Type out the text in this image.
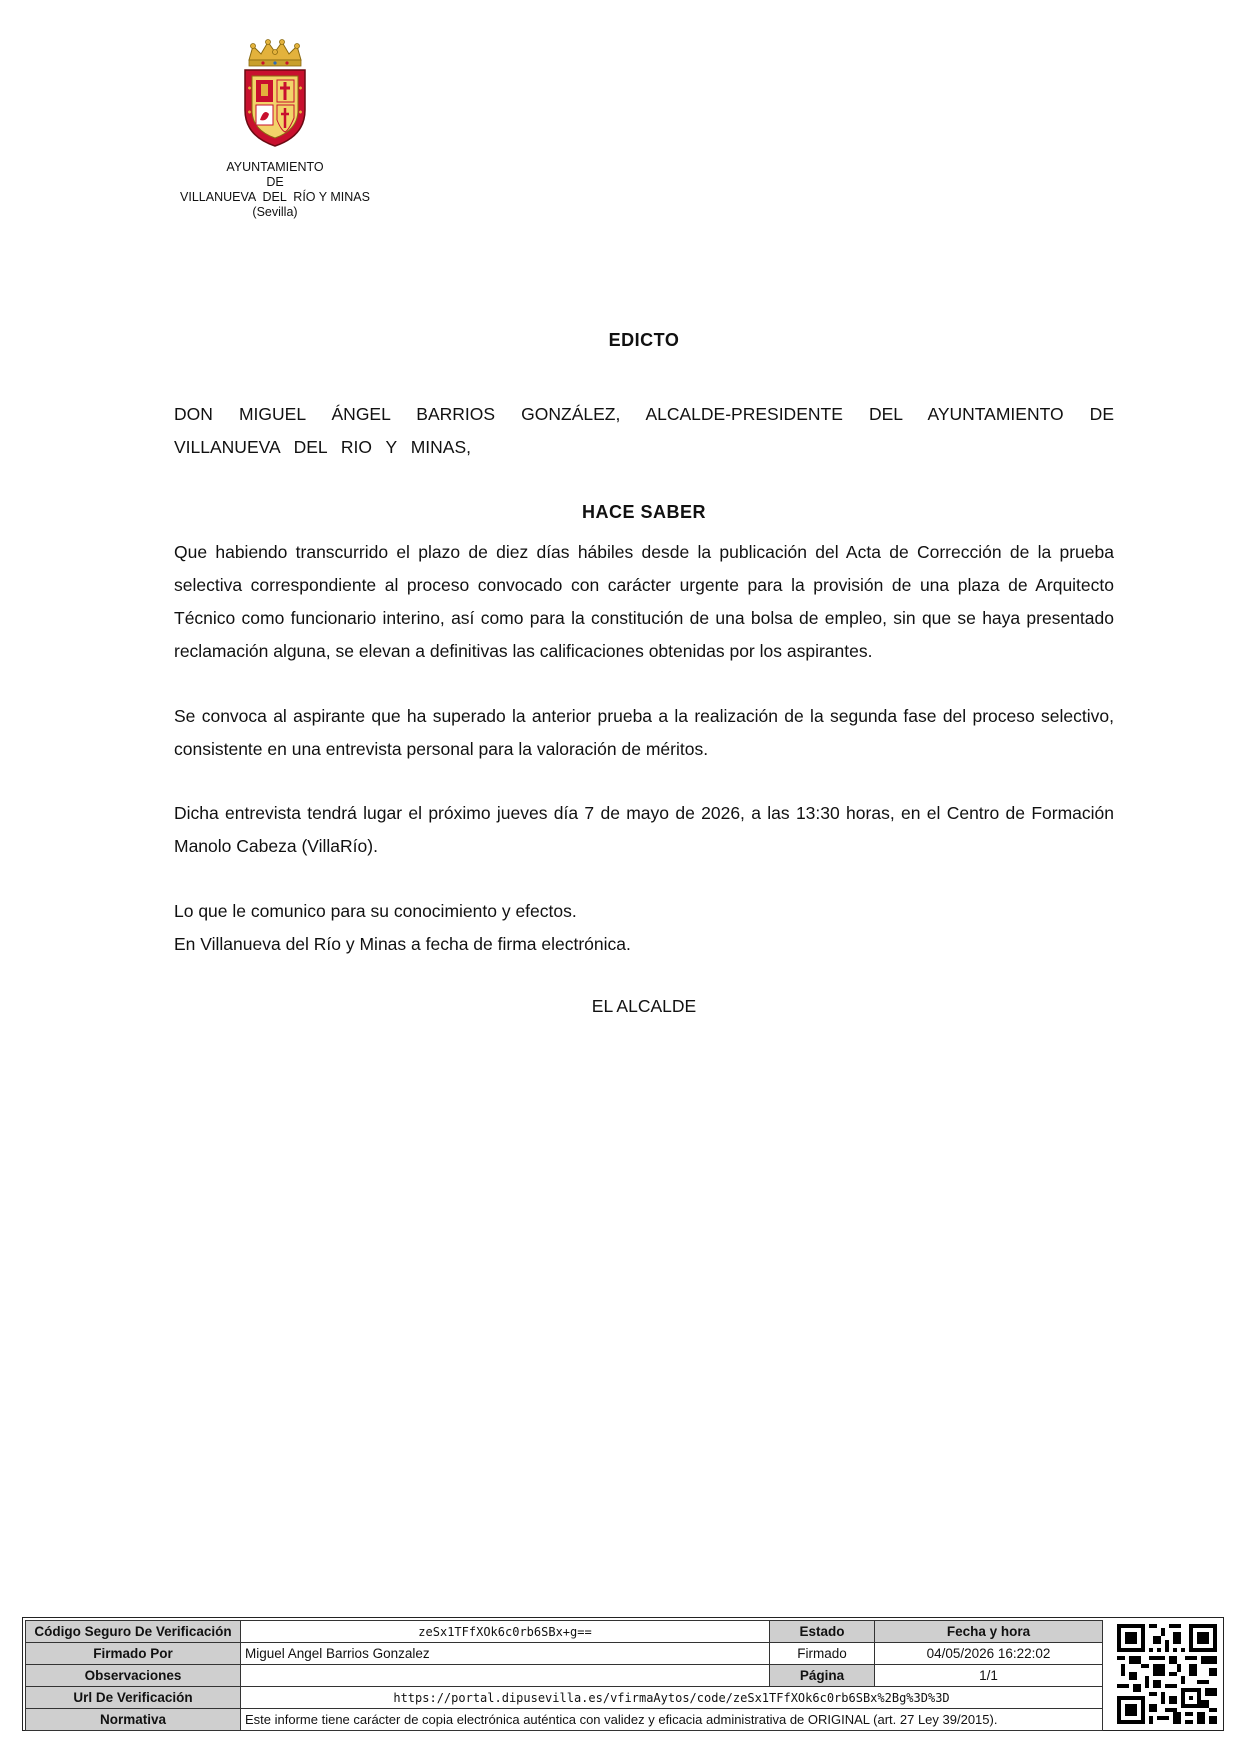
AYUNTAMIENTO
DE
VILLANUEVA  DEL  RÍO Y MINAS
(Sevilla)
EDICTO
DON MIGUEL ÁNGEL BARRIOS GONZÁLEZ, ALCALDE-PRESIDENTE DEL AYUNTAMIENTO DE VILLANUEVA DEL RIO Y MINAS,
HACE SABER
Que habiendo transcurrido el plazo de diez días hábiles desde la publicación del Acta de Corrección de la prueba selectiva correspondiente al proceso convocado con carácter urgente para la provisión de una plaza de Arquitecto Técnico como funcionario interino, así como para la constitución de una bolsa de empleo, sin que se haya presentado reclamación alguna, se elevan a definitivas las calificaciones obtenidas por los aspirantes.
Se convoca al aspirante que ha superado la anterior prueba a la realización de la segunda fase del proceso selectivo, consistente en una entrevista personal para la valoración de méritos.
Dicha entrevista tendrá lugar el próximo jueves día 7 de mayo de 2026, a las 13:30 horas, en el Centro de Formación Manolo Cabeza (VillaRío).
Lo que le comunico para su conocimiento y efectos.
En Villanueva del Río y Minas a fecha de firma electrónica.
EL ALCALDE
Código Seguro De Verificación	zeSx1TFfXOk6c0rb6SBx+g==	Estado	Fecha y hora
Firmado Por	Miguel Angel Barrios Gonzalez	Firmado	04/05/2026 16:22:02
Observaciones		Página	1/1
Url De Verificación	https://portal.dipusevilla.es/vfirmaAytos/code/zeSx1TFfXOk6c0rb6SBx%2Bg%3D%3D		
Normativa	Este informe tiene carácter de copia electrónica auténtica con validez y eficacia administrativa de ORIGINAL (art. 27 Ley 39/2015).		
